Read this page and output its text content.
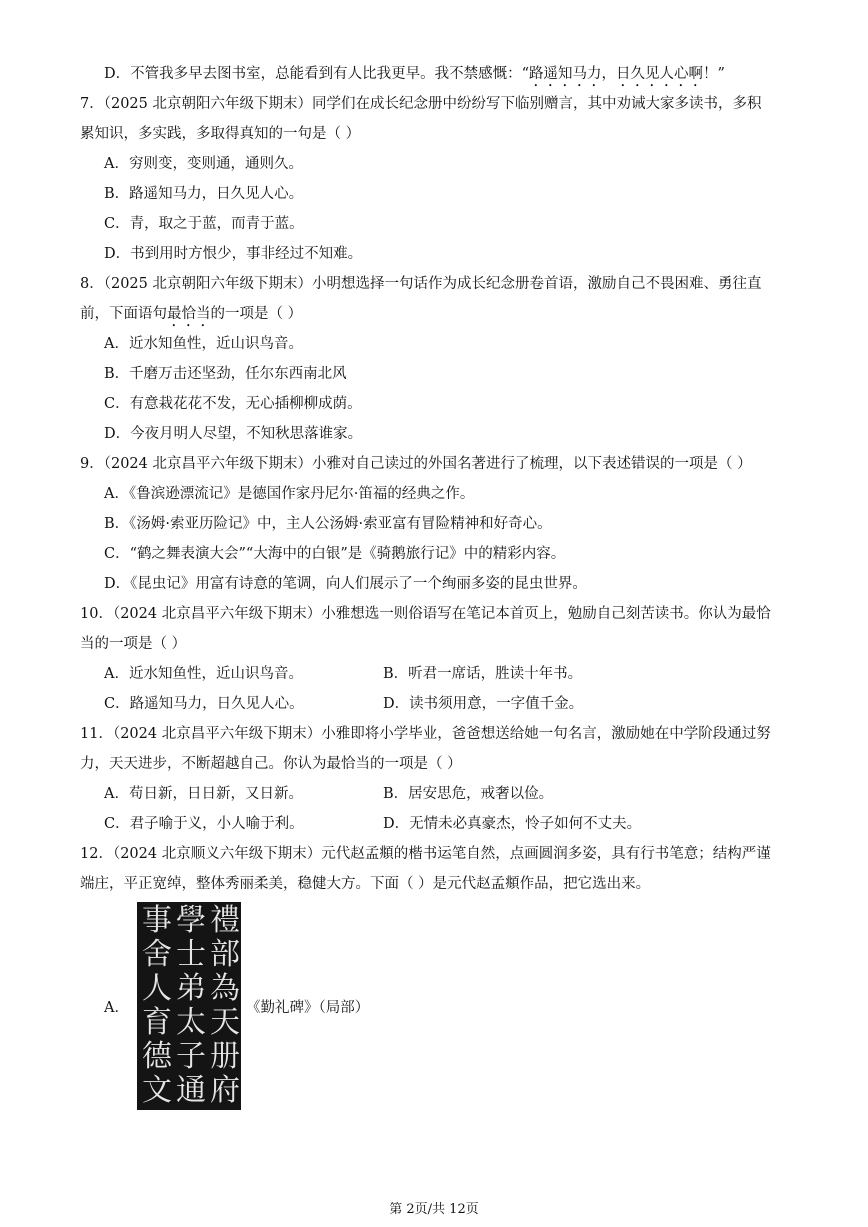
D．不管我多早去图书室，总能看到有人比我更早。我不禁感慨：“路遥知马力，日久见人心啊！”
7．（2025 北京朝阳六年级下期末）同学们在成长纪念册中纷纷写下临别赠言，其中劝诫大家多读书，多积
累知识，多实践，多取得真知的一句是（ ）
A．穷则变，变则通，通则久。
B．路遥知马力，日久见人心。
C．青，取之于蓝，而青于蓝。
D．书到用时方恨少，事非经过不知难。
8．（2025 北京朝阳六年级下期末）小明想选择一句话作为成长纪念册卷首语，激励自己不畏困难、勇往直
前，下面语句最恰当的一项是（ ）
A．近水知鱼性，近山识鸟音。
B．千磨万击还坚劲，任尔东西南北风
C．有意栽花花不发，无心插柳柳成荫。
D．今夜月明人尽望，不知秋思落谁家。
9．（2024 北京昌平六年级下期末）小雅对自己读过的外国名著进行了梳理，以下表述错误的一项是（ ）
A．《鲁滨逊漂流记》是德国作家丹尼尔·笛福的经典之作。
B．《汤姆·索亚历险记》中，主人公汤姆·索亚富有冒险精神和好奇心。
C．“鹤之舞表演大会”“大海中的白银”是《骑鹅旅行记》中的精彩内容。
D．《昆虫记》用富有诗意的笔调，向人们展示了一个绚丽多姿的昆虫世界。
10．（2024 北京昌平六年级下期末）小雅想选一则俗语写在笔记本首页上，勉励自己刻苦读书。你认为最恰
当的一项是（ ）
A．近水知鱼性，近山识鸟音。	B．听君一席话，胜读十年书。
C．路遥知马力，日久见人心。	D．读书须用意，一字值千金。
11．（2024 北京昌平六年级下期末）小雅即将小学毕业，爸爸想送给她一句名言，激励她在中学阶段通过努
力，天天进步，不断超越自己。你认为最恰当的一项是（ ）
A．苟日新，日日新，又日新。	B．居安思危，戒奢以俭。
C．君子喻于义，小人喻于利。	D．无情未必真豪杰，怜子如何不丈夫。
12．（2024 北京顺义六年级下期末）元代赵孟頫的楷书运笔自然，点画圆润多姿，具有行书笔意；结构严谨
端庄，平正宽绰，整体秀丽柔美，稳健大方。下面（ ）是元代赵孟頫作品，把它选出来。
A．
禮
部
為
天
册
府
學
士
弟
太
子
通
事
舍
人
育
德
文
《勤礼碑》（局部）
第 2页/共 12页
